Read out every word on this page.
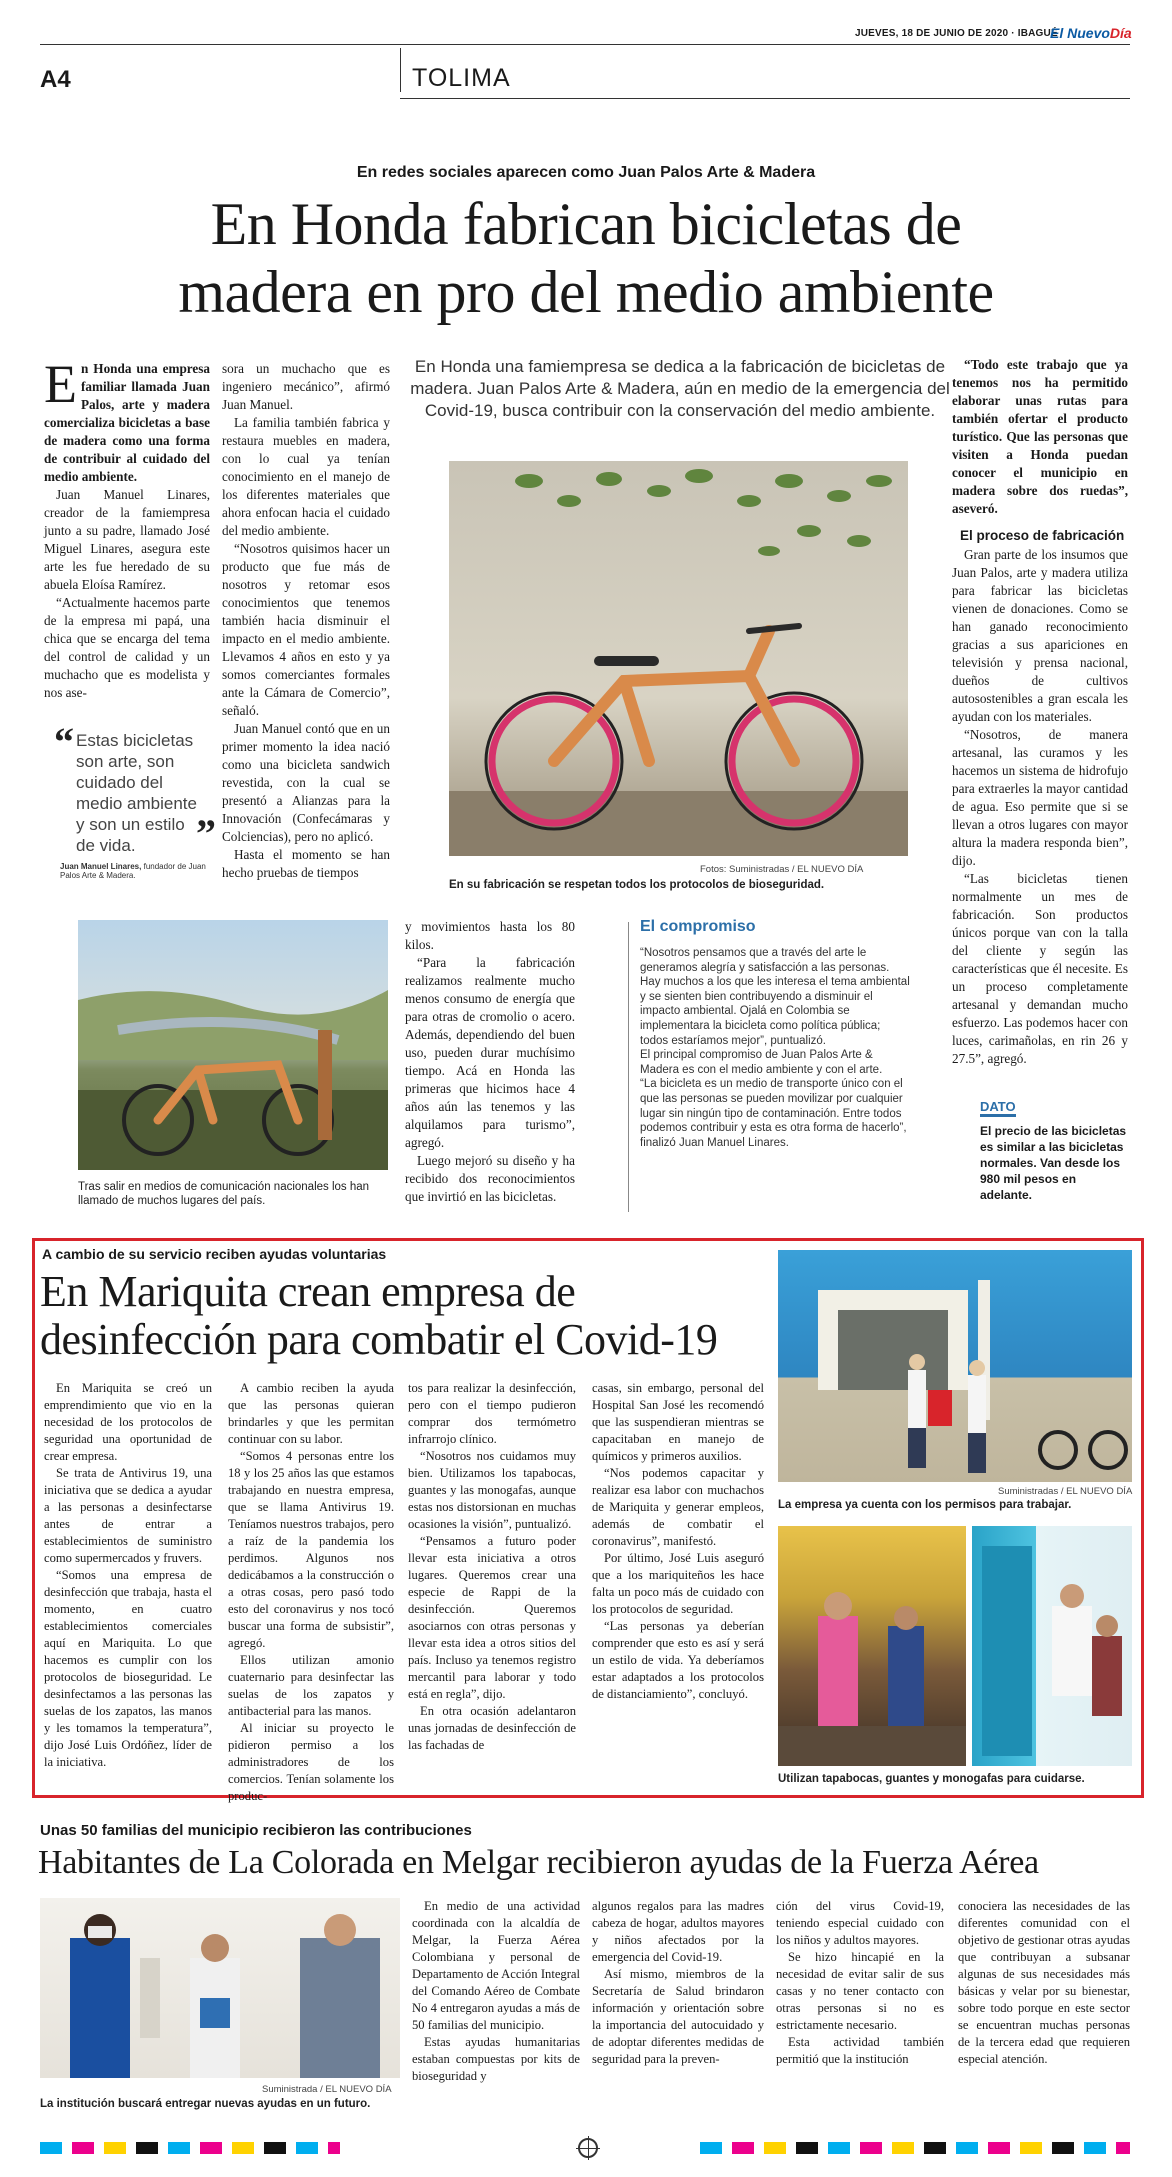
JUEVES, 18 DE JUNIO DE 2020 · IBAGUÉ
El NuevoDía
A4	TOLIMA
En redes sociales aparecen como Juan Palos Arte & Madera
En Honda fabrican bicicletas de
madera en pro del medio ambiente
E n Honda una empresa familiar llamada Juan Palos, arte y madera comercializa bicicletas a base de madera como una forma de contribuir al cuidado del medio ambiente.

Juan Manuel Linares, creador de la famiempresa junto a su padre, llamado José Miguel Linares, asegura este arte les fue heredado de su abuela Eloísa Ramírez.

“Actualmente hacemos parte de la empresa mi papá, una chica que se encarga del tema del control de calidad y un muchacho que es modelista y nos ase-

“ Estas bicicletas son arte, son cuidado del medio ambiente y son un estilo de vida.	”
Juan Manuel Linares, fundador de Juan Palos Arte & Madera.

sora un muchacho que es ingeniero mecánico”, afirmó Juan Manuel.

La familia también fabrica y restaura muebles en madera, con lo cual ya tenían conocimiento en el manejo de los diferentes materiales que ahora enfocan hacia el cuidado del medio ambiente.

“Nosotros quisimos hacer un producto que fue más de nosotros y retomar esos conocimientos que tenemos también hacia disminuir el impacto en el medio ambiente. Llevamos 4 años en esto y ya somos comerciantes formales ante la Cámara de Comercio”, señaló.

Juan Manuel contó que en un primer momento la idea nació como una bicicleta sandwich revestida, con la cual se presentó a Alianzas para la Innovación (Confecámaras y Colciencias), pero no aplicó.

Hasta el momento se han hecho pruebas de tiempos

En Honda una famiempresa se dedica a la fabricación de bicicletas de madera. Juan Palos Arte & Madera, aún en medio de la emergencia del Covid-19, busca contribuir con la conservación del medio ambiente.
Fotos: Suministradas / EL NUEVO DÍA
En su fabricación se respetan todos los protocolos de bioseguridad.
Tras salir en medios de comunicación nacionales los han llamado de muchos lugares del país.

y movimientos hasta los 80 kilos.

“Para la fabricación realizamos realmente mucho menos consumo de energía que para otras de cromolio o acero. Además, dependiendo del buen uso, pueden durar muchísimo tiempo. Acá en Honda las primeras que hicimos hace 4 años aún las tenemos y las alquilamos para turismo”, agregó.

Luego mejoró su diseño y ha recibido dos reconocimientos que invirtió en las bicicletas.

El compromiso

“Nosotros pensamos que a través del arte le generamos alegría y satisfacción a las personas. Hay muchos a los que les interesa el tema ambiental y se sienten bien contribuyendo a disminuir el impacto ambiental. Ojalá en Colombia se implementara la bicicleta como política pública; todos estaríamos mejor”, puntualizó.

El principal compromiso de Juan Palos Arte & Madera es con el medio ambiente y con el arte.

“La bicicleta es un medio de transporte único con el que las personas se pueden movilizar por cualquier lugar sin ningún tipo de contaminación. Entre todos podemos contribuir y esta es otra forma de hacerlo”, finalizó Juan Manuel Linares.

“Todo este trabajo que ya tenemos nos ha permitido elaborar unas rutas para también ofertar el producto turístico. Que las personas que visiten a Honda puedan conocer el municipio en madera sobre dos ruedas”, aseveró.

El proceso de fabricación

Gran parte de los insumos que Juan Palos, arte y madera utiliza para fabricar las bicicletas vienen de donaciones. Como se han ganado reconocimiento gracias a sus apariciones en televisión y prensa nacional, dueños de cultivos autosostenibles a gran escala les ayudan con los materiales.

“Nosotros, de manera artesanal, las curamos y les hacemos un sistema de hidrofujo para extraerles la mayor cantidad de agua. Eso permite que si se llevan a otros lugares con mayor altura la madera responda bien”, dijo.

“Las bicicletas tienen normalmente un mes de fabricación. Son productos únicos porque van con la talla del cliente y según las características que él necesite. Es un proceso completamente artesanal y demandan mucho esfuerzo. Las podemos hacer con luces, carimañolas, en rin 26 y 27.5”, agregó.

DATO
El precio de las bicicletas es similar a las bicicletas normales. Van desde los 980 mil pesos en adelante.
A cambio de su servicio reciben ayudas voluntarias
En Mariquita crean empresa de
desinfección para combatir el Covid-19

En Mariquita se creó un emprendimiento que vio en la necesidad de los protocolos de seguridad una oportunidad de crear empresa.

Se trata de Antivirus 19, una iniciativa que se dedica a ayudar a las personas a desinfectarse antes de entrar a establecimientos de suministro como supermercados y fruvers.

“Somos una empresa de desinfección que trabaja, hasta el momento, en cuatro establecimientos comerciales aquí en Mariquita. Lo que hacemos es cumplir con los protocolos de bioseguridad. Le desinfectamos a las personas las suelas de los zapatos, las manos y les tomamos la temperatura”, dijo José Luis Ordóñez, líder de la iniciativa.

A cambio reciben la ayuda que las personas quieran brindarles y que les permitan continuar con su labor.

“Somos 4 personas entre los 18 y los 25 años las que estamos trabajando en nuestra empresa, que se llama Antivirus 19. Teníamos nuestros trabajos, pero a raíz de la pandemia los perdimos. Algunos nos dedicábamos a la construcción o a otras cosas, pero pasó todo esto del coronavirus y nos tocó buscar una forma de subsistir”, agregó.

Ellos utilizan amonio cuaternario para desinfectar las suelas de los zapatos y antibacterial para las manos.

Al iniciar su proyecto le pidieron permiso a los administradores de los comercios. Tenían solamente los produc-

tos para realizar la desinfección, pero con el tiempo pudieron comprar dos termómetro infrarrojo clínico.

“Nosotros nos cuidamos muy bien. Utilizamos los tapabocas, guantes y las monogafas, aunque estas nos distorsionan en muchas ocasiones la visión”, puntualizó.

“Pensamos a futuro poder llevar esta iniciativa a otros lugares. Queremos crear una especie de Rappi de la desinfección. Queremos asociarnos con otras personas y llevar esta idea a otros sitios del país. Incluso ya tenemos registro mercantil para laborar y todo está en regla”, dijo.

En otra ocasión adelantaron unas jornadas de desinfección de las fachadas de

casas, sin embargo, personal del Hospital San José les recomendó que las suspendieran mientras se capacitaban en manejo de químicos y primeros auxilios.

“Nos podemos capacitar y realizar esa labor con muchachos de Mariquita y generar empleos, además de combatir el coronavirus”, manifestó.

Por último, José Luis aseguró que a los mariquiteños les hace falta un poco más de cuidado con los protocolos de seguridad.

“Las personas ya deberían comprender que esto es así y será un estilo de vida. Ya deberíamos estar adaptados a los protocolos de distanciamiento”, concluyó.

Suministradas / EL NUEVO DÍA
La empresa ya cuenta con los permisos para trabajar.
Utilizan tapabocas, guantes y monogafas para cuidarse.
Unas 50 familias del municipio recibieron las contribuciones
Habitantes de La Colorada en Melgar recibieron ayudas de la Fuerza Aérea
Suministrada / EL NUEVO DÍA
La institución buscará entregar nuevas ayudas en un futuro.

En medio de una actividad coordinada con la alcaldía de Melgar, la Fuerza Aérea Colombiana y personal de Departamento de Acción Integral del Comando Aéreo de Combate No 4 entregaron ayudas a más de 50 familias del municipio.

Estas ayudas humanitarias estaban compuestas por kits de bioseguridad y

algunos regalos para las madres cabeza de hogar, adultos mayores y niños afectados por la emergencia del Covid-19.

Así mismo, miembros de la Secretaría de Salud brindaron información y orientación sobre la importancia del autocuidado y de adoptar diferentes medidas de seguridad para la preven-

ción del virus Covid-19, teniendo especial cuidado con los niños y adultos mayores.

Se hizo hincapié en la necesidad de evitar salir de sus casas y no tener contacto con otras personas si no es estrictamente necesario.

Esta actividad también permitió que la institución

conociera las necesidades de las diferentes comunidad con el objetivo de gestionar otras ayudas que contribuyan a subsanar algunas de sus necesidades más básicas y velar por su bienestar, sobre todo porque en este sector se encuentran muchas personas de la tercera edad que requieren especial atención.
